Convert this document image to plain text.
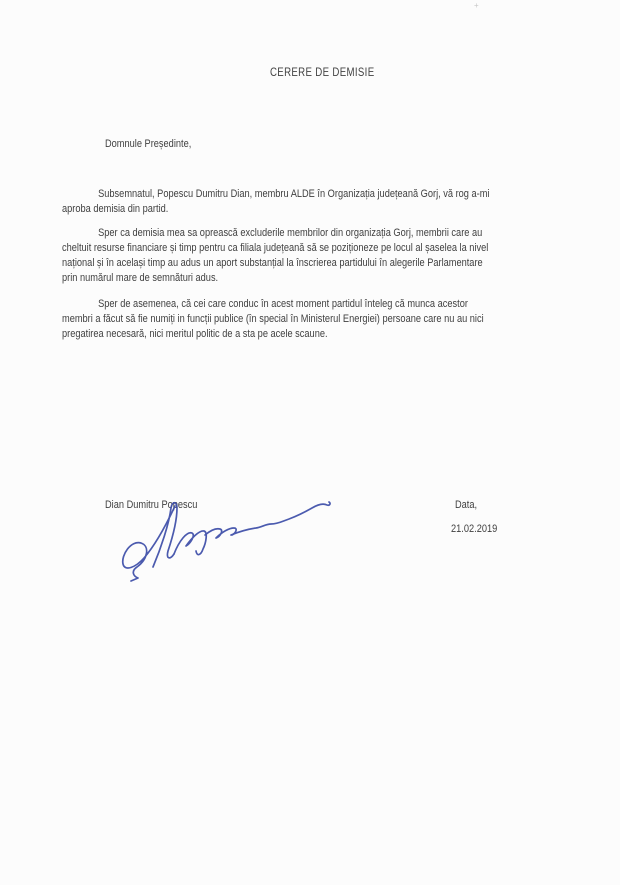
CERERE DE DEMISIE
Domnule Președinte,
Subsemnatul, Popescu Dumitru Dian, membru ALDE în Organizația județeană Gorj, vă rog a-mi
aproba demisia din partid.
Sper ca demisia mea sa oprească excluderile membrilor din organizația Gorj, membrii care au
cheltuit resurse financiare și timp pentru ca filiala județeană să se poziționeze pe locul al șaselea la nivel
național și în același timp au adus un aport substanțial la înscrierea partidului în alegerile Parlamentare
prin numărul mare de semnături adus.
Sper de asemenea, că cei care conduc în acest moment partidul înteleg că munca acestor
membri a făcut să fie numiți in funcții publice (în special în Ministerul Energiei) persoane care nu au nici
pregatirea necesară, nici meritul politic de a sta pe acele scaune.
Dian Dumitru Popescu	Data,
21.02.2019
+
